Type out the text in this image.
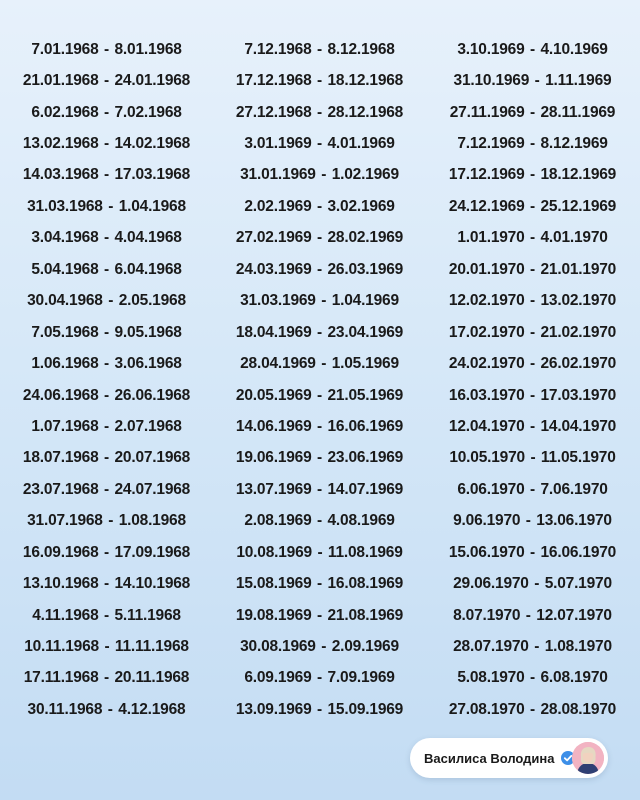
7.01.1968 - 8.01.1968
21.01.1968 - 24.01.1968
6.02.1968 - 7.02.1968
13.02.1968 - 14.02.1968
14.03.1968 - 17.03.1968
31.03.1968 - 1.04.1968
3.04.1968 - 4.04.1968
5.04.1968 - 6.04.1968
30.04.1968 - 2.05.1968
7.05.1968 - 9.05.1968
1.06.1968 - 3.06.1968
24.06.1968 - 26.06.1968
1.07.1968 - 2.07.1968
18.07.1968 - 20.07.1968
23.07.1968 - 24.07.1968
31.07.1968 - 1.08.1968
16.09.1968 - 17.09.1968
13.10.1968 - 14.10.1968
4.11.1968 - 5.11.1968
10.11.1968 - 11.11.1968
17.11.1968 - 20.11.1968
30.11.1968 - 4.12.1968
7.12.1968 - 8.12.1968
17.12.1968 - 18.12.1968
27.12.1968 - 28.12.1968
3.01.1969 - 4.01.1969
31.01.1969 - 1.02.1969
2.02.1969 - 3.02.1969
27.02.1969 - 28.02.1969
24.03.1969 - 26.03.1969
31.03.1969 - 1.04.1969
18.04.1969 - 23.04.1969
28.04.1969 - 1.05.1969
20.05.1969 - 21.05.1969
14.06.1969 - 16.06.1969
19.06.1969 - 23.06.1969
13.07.1969 - 14.07.1969
2.08.1969 - 4.08.1969
10.08.1969 - 11.08.1969
15.08.1969 - 16.08.1969
19.08.1969 - 21.08.1969
30.08.1969 - 2.09.1969
6.09.1969 - 7.09.1969
13.09.1969 - 15.09.1969
3.10.1969 - 4.10.1969
31.10.1969 - 1.11.1969
27.11.1969 - 28.11.1969
7.12.1969 - 8.12.1969
17.12.1969 - 18.12.1969
24.12.1969 - 25.12.1969
1.01.1970 - 4.01.1970
20.01.1970 - 21.01.1970
12.02.1970 - 13.02.1970
17.02.1970 - 21.02.1970
24.02.1970 - 26.02.1970
16.03.1970 - 17.03.1970
12.04.1970 - 14.04.1970
10.05.1970 - 11.05.1970
6.06.1970 - 7.06.1970
9.06.1970 - 13.06.1970
15.06.1970 - 16.06.1970
29.06.1970 - 5.07.1970
8.07.1970 - 12.07.1970
28.07.1970 - 1.08.1970
5.08.1970 - 6.08.1970
27.08.1970 - 28.08.1970
Василиса Володина
